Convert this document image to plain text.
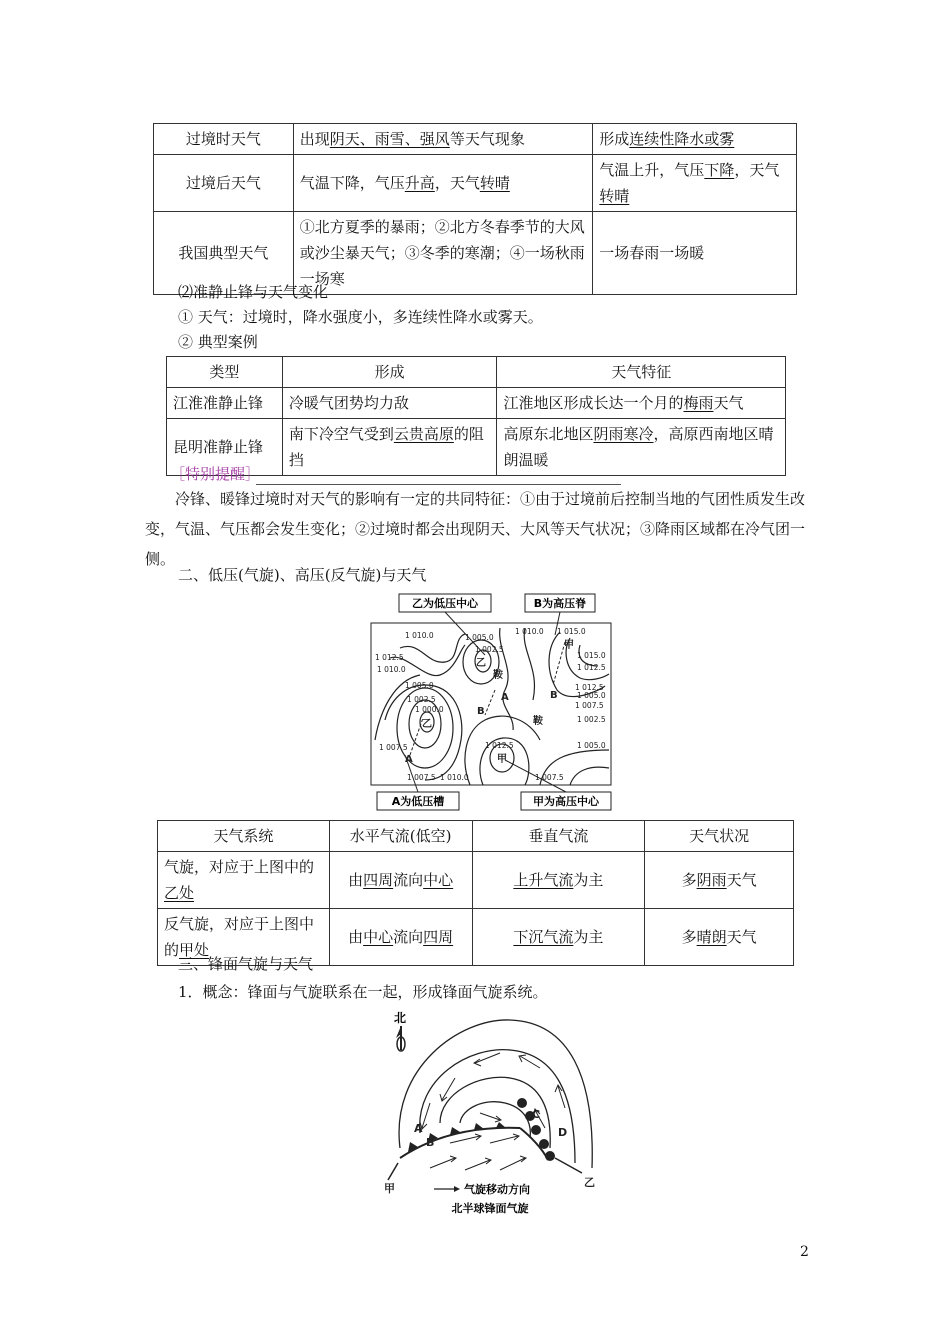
过境时天气	出现阴天、雨雪、强风等天气现象	形成连续性降水或雾
过境后天气	气温下降，气压升高，天气转晴	气温上升，气压下降，天气转晴
我国典型天气	①北方夏季的暴雨；②北方冬春季节的大风或沙尘暴天气；③冬季的寒潮；④一场秋雨一场寒	一场春雨一场暖
⑵准静止锋与天气变化
① 天气：过境时，降水强度小，多连续性降水或雾天。
② 典型案例
类型	形成	天气特征
江淮准静止锋	冷暖气团势均力敌	江淮地区形成长达一个月的梅雨天气
昆明准静止锋	南下冷空气受到云贵高原的阻挡	高原东北地区阴雨寒冷，高原西南地区晴朗温暖
［特别提醒］
冷锋、暖锋过境时对天气的影响有一定的共同特征：①由于过境前后控制当地的气团性质发生改变，气温、气压都会发生变化；②过境时都会出现阴天、大风等天气状况；③降雨区域都在冷气团一侧。
二、低压(气旋)、高压(反气旋)与天气
乙为低压中心	B为高压脊
A为低压槽	甲为高压中心
1 010.0	1 005.0
1 002.5
1 010.0 1 015.0
1 012.5	1 015.0
1 012.5
1 012.5
1 005.0
1 010.0
1 002.5
1 000.0
1 007.5	1 012.5
1 007.5
1 005.0
1 002.5
1 007.5
1 010.0
1 007.5
1 005.0
乙
乙
甲
甲
A
A
B
B
鞍
鞍
天气系统	水平气流(低空)	垂直气流	天气状况
气旋，对应于上图中的乙处	由四周流向中心	上升气流为主	多阴雨天气
反气旋，对应于上图中的甲处	由中心流向四周	下沉气流为主	多晴朗天气
三、锋面气旋与天气
1．概念：锋面与气旋联系在一起，形成锋面气旋系统。
北
A
B
C
D
甲	乙
气旋移动方向
北半球锋面气旋
2
